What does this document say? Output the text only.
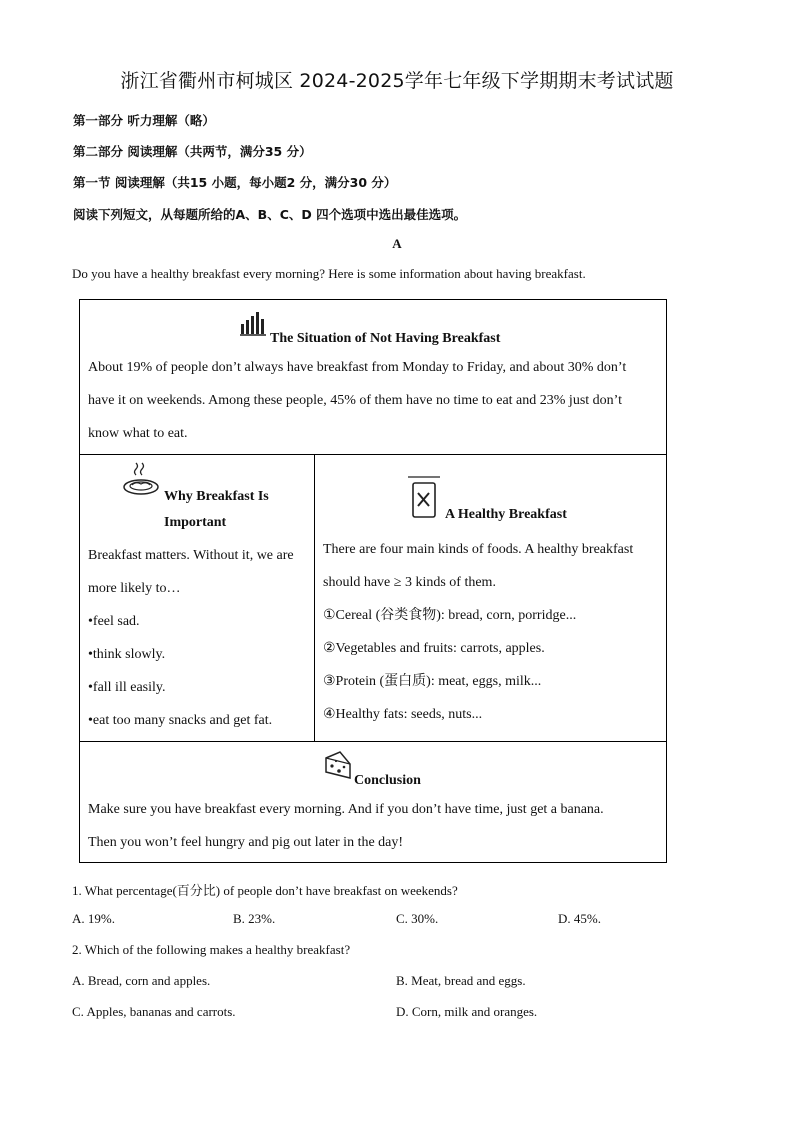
浙江省衢州市柯城区 2024-2025学年七年级下学期期末考试试题
第一部分 听力理解（略）
第二部分 阅读理解（共两节，满分35 分）
第一节 阅读理解（共15 小题，每小题2 分，满分30 分）
阅读下列短文，从每题所给的A、B、C、D 四个选项中选出最佳选项。
A
Do you have a healthy breakfast every morning? Here is some information about having breakfast.
The Situation of Not Having Breakfast
About 19% of people don’t always have breakfast from Monday to Friday, and about 30% don’t
have it on weekends. Among these people, 45% of them have no time to eat and 23% just don’t
know what to eat.
Why Breakfast Is
Important
Breakfast matters. Without it, we are
more likely to…
•feel sad.
•think slowly.
•fall ill easily.
•eat too many snacks and get fat.
A Healthy Breakfast
There are four main kinds of foods. A healthy breakfast
should have ≥ 3 kinds of them.
①Cereal (谷类食物): bread, corn, porridge...
②Vegetables and fruits: carrots, apples.
③Protein (蛋白质): meat, eggs, milk...
④Healthy fats: seeds, nuts...
Conclusion
Make sure you have breakfast every morning. And if you don’t have time, just get a banana.
Then you won’t feel hungry and pig out later in the day!
1. What percentage(百分比) of people don’t have breakfast on weekends?
A. 19%.	B. 23%.	C. 30%.	D. 45%.
2. Which of the following makes a healthy breakfast?
A. Bread, corn and apples.	B. Meat, bread and eggs.
C. Apples, bananas and carrots.	D. Corn, milk and oranges.
